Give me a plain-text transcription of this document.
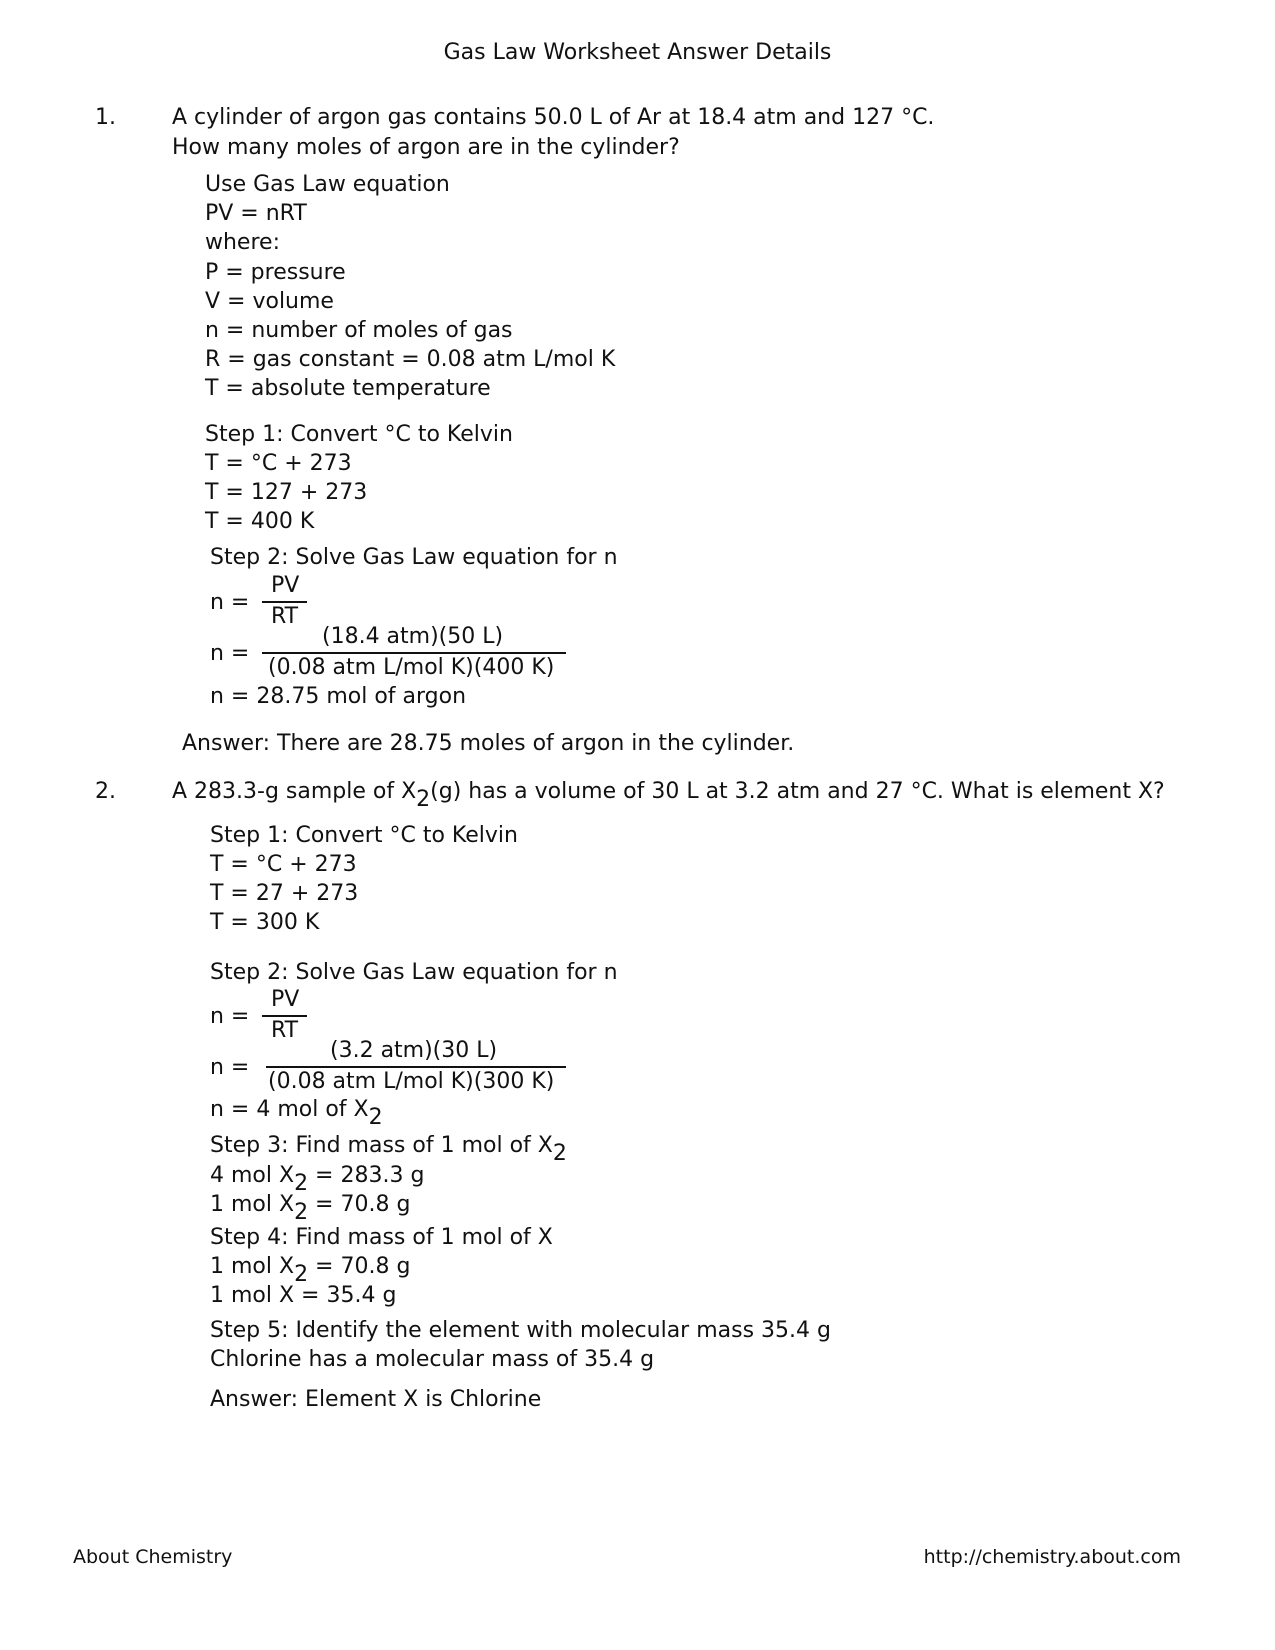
Gas Law Worksheet Answer Details
1.	A cylinder of argon gas contains 50.0 L of Ar at 18.4 atm and 127 °C.
How many moles of argon are in the cylinder?
Use Gas Law equation
PV = nRT
where:
P = pressure
V = volume
n = number of moles of gas
R = gas constant = 0.08 atm L/mol K
T = absolute temperature
Step 1: Convert °C to Kelvin
T = °C + 273
T = 127 + 273
T = 400 K
Step 2: Solve Gas Law equation for n
n =
PV
RT
n =
(18.4 atm)(50 L)
(0.08 atm L/mol K)(400 K)
n = 28.75 mol of argon
Answer: There are 28.75 moles of argon in the cylinder.
2.	A 283.3-g sample of X2(g) has a volume of 30 L at 3.2 atm and 27 °C. What is element X?
Step 1: Convert °C to Kelvin
T = °C + 273
T = 27 + 273
T = 300 K
Step 2: Solve Gas Law equation for n
n =
PV
RT
n =
(3.2 atm)(30 L)
(0.08 atm L/mol K)(300 K)
n = 4 mol of X2
Step 3: Find mass of 1 mol of X2
4 mol X2 = 283.3 g
1 mol X2 = 70.8 g
Step 4: Find mass of 1 mol of X
1 mol X2 = 70.8 g
1 mol X = 35.4 g
Step 5: Identify the element with molecular mass 35.4 g
Chlorine has a molecular mass of 35.4 g
Answer: Element X is Chlorine
About Chemistry	http://chemistry.about.com
